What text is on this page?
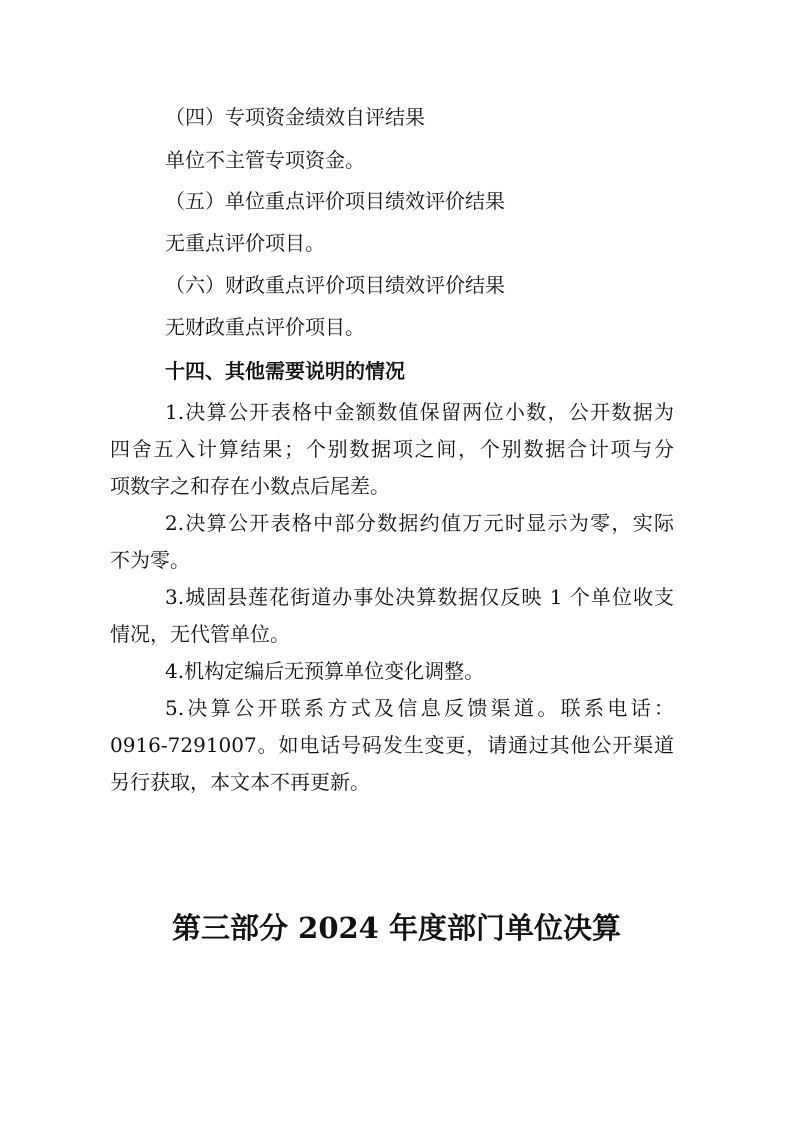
（四）专项资金绩效自评结果

单位不主管专项资金。

（五）单位重点评价项目绩效评价结果

无重点评价项目。

（六）财政重点评价项目绩效评价结果

无财政重点评价项目。

十四、其他需要说明的情况

1.决算公开表格中金额数值保留两位小数，公开数据为

四舍五入计算结果；个别数据项之间，个别数据合计项与分

项数字之和存在小数点后尾差。

2.决算公开表格中部分数据约值万元时显示为零，实际

不为零。

3.城固县莲花街道办事处决算数据仅反映 1 个单位收支

情况，无代管单位。

4.机构定编后无预算单位变化调整。

5.决算公开联系方式及信息反馈渠道。联系电话：

0916-7291007。如电话号码发生变更，请通过其他公开渠道

另行获取，本文本不再更新。

第三部分 2024 年度部门单位决算
